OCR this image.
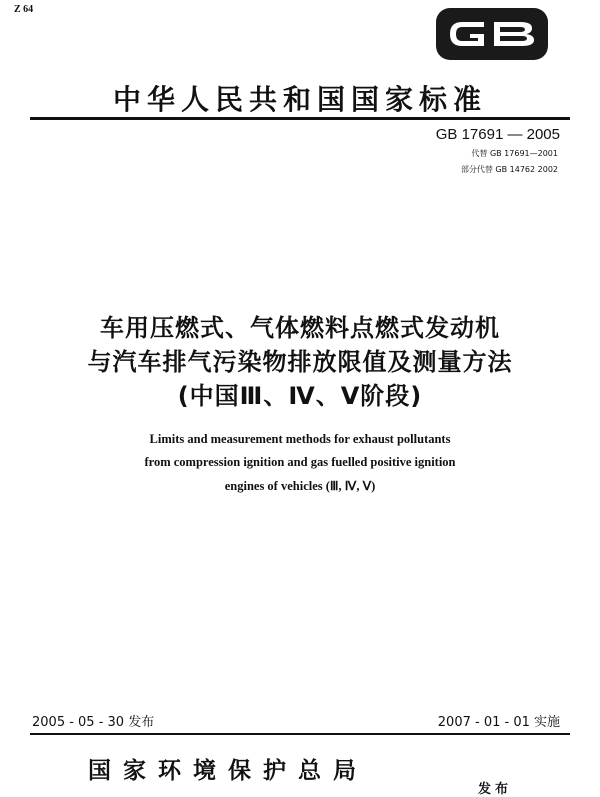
Z 64
中华人民共和国国家标准
GB 17691 — 2005
代替 GB 17691—2001
部分代替 GB 14762 2002
车用压燃式、气体燃料点燃式发动机
与汽车排气污染物排放限值及测量方法
(中国Ⅲ、Ⅳ、Ⅴ阶段)
Limits and measurement methods for exhaust pollutants
from compression ignition and gas fuelled positive ignition
engines of vehicles (Ⅲ, Ⅳ, Ⅴ)
2005 - 05 - 30 发布	2007 - 01 - 01 实施
国家环境保护总局
发布
